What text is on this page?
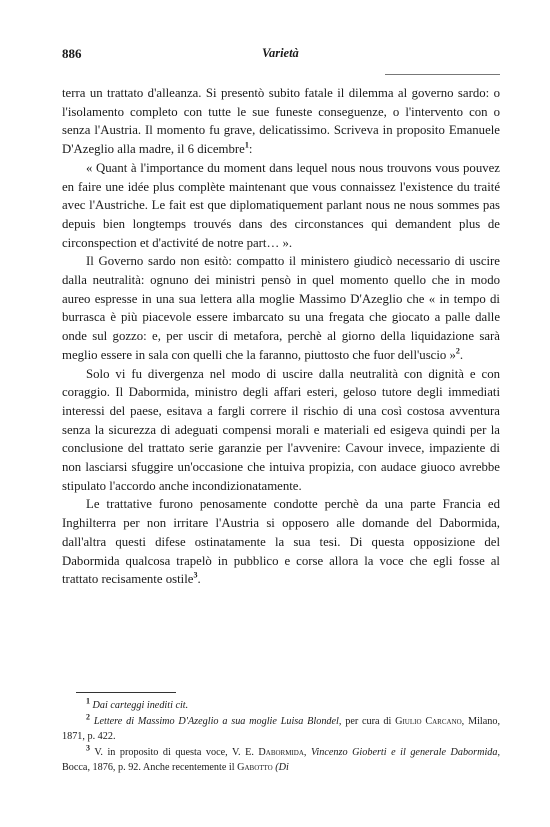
886	Varietà

terra un trattato d'alleanza. Si presentò subito fatale il dilemma al governo sardo: o l'isolamento completo con tutte le sue funeste conseguenze, o l'intervento con o senza l'Austria. Il momento fu grave, delicatissimo. Scriveva in proposito Emanuele D'Azeglio alla madre, il 6 dicembre$^1$:

« Quant à l'importance du moment dans lequel nous nous trouvons vous pouvez en faire une idée plus complète maintenant que vous connaissez l'existence du traité avec l'Austriche. Le fait est que diplomatiquement parlant nous ne nous sommes pas depuis bien longtemps trouvés dans des circonstances qui demandent plus de circonspection et d'activité de notre part… ».

Il Governo sardo non esitò: compatto il ministero giudicò necessario di uscire dalla neutralità: ognuno dei ministri pensò in quel momento quello che in modo aureo espresse in una sua lettera alla moglie Massimo D'Azeglio che « in tempo di burrasca è più piacevole essere imbarcato su una fregata che giocato a palle dalle onde sul gozzo: e, per uscir di metafora, perchè al giorno della liquidazione sarà meglio essere in sala con quelli che la faranno, piuttosto che fuor dell'uscio »$^2$.

Solo vi fu divergenza nel modo di uscire dalla neutralità con dignità e con coraggio. Il Dabormida, ministro degli affari esteri, geloso tutore degli immediati interessi del paese, esitava a fargli correre il rischio di una così costosa avventura senza la sicurezza di adeguati compensi morali e materiali ed esigeva quindi per la conclusione del trattato serie garanzie per l'avvenire: Cavour invece, impaziente di non lasciarsi sfuggire un'occasione che intuiva propizia, con audace giuoco avrebbe stipulato l'accordo anche incondizionatamente.

Le trattative furono penosamente condotte perchè da una parte Francia ed Inghilterra per non irritare l'Austria si opposero alle domande del Dabormida, dall'altra questi difese ostinatamente la sua tesi. Di questa opposizione del Dabormida qualcosa trapelò in pubblico e corse allora la voce che egli fosse al trattato recisamente ostile$^3$.

$^1$ Dai carteggi inediti cit.

$^2$ Lettere di Massimo D'Azeglio a sua moglie Luisa Blondel, per cura di Giulio Carcano, Milano, 1871, p. 422.

$^3$ V. in proposito di questa voce, V. E. Dabormida, Vincenzo Gioberti e il generale Dabormida, Bocca, 1876, p. 92. Anche recentemente il Gabotto (Di
